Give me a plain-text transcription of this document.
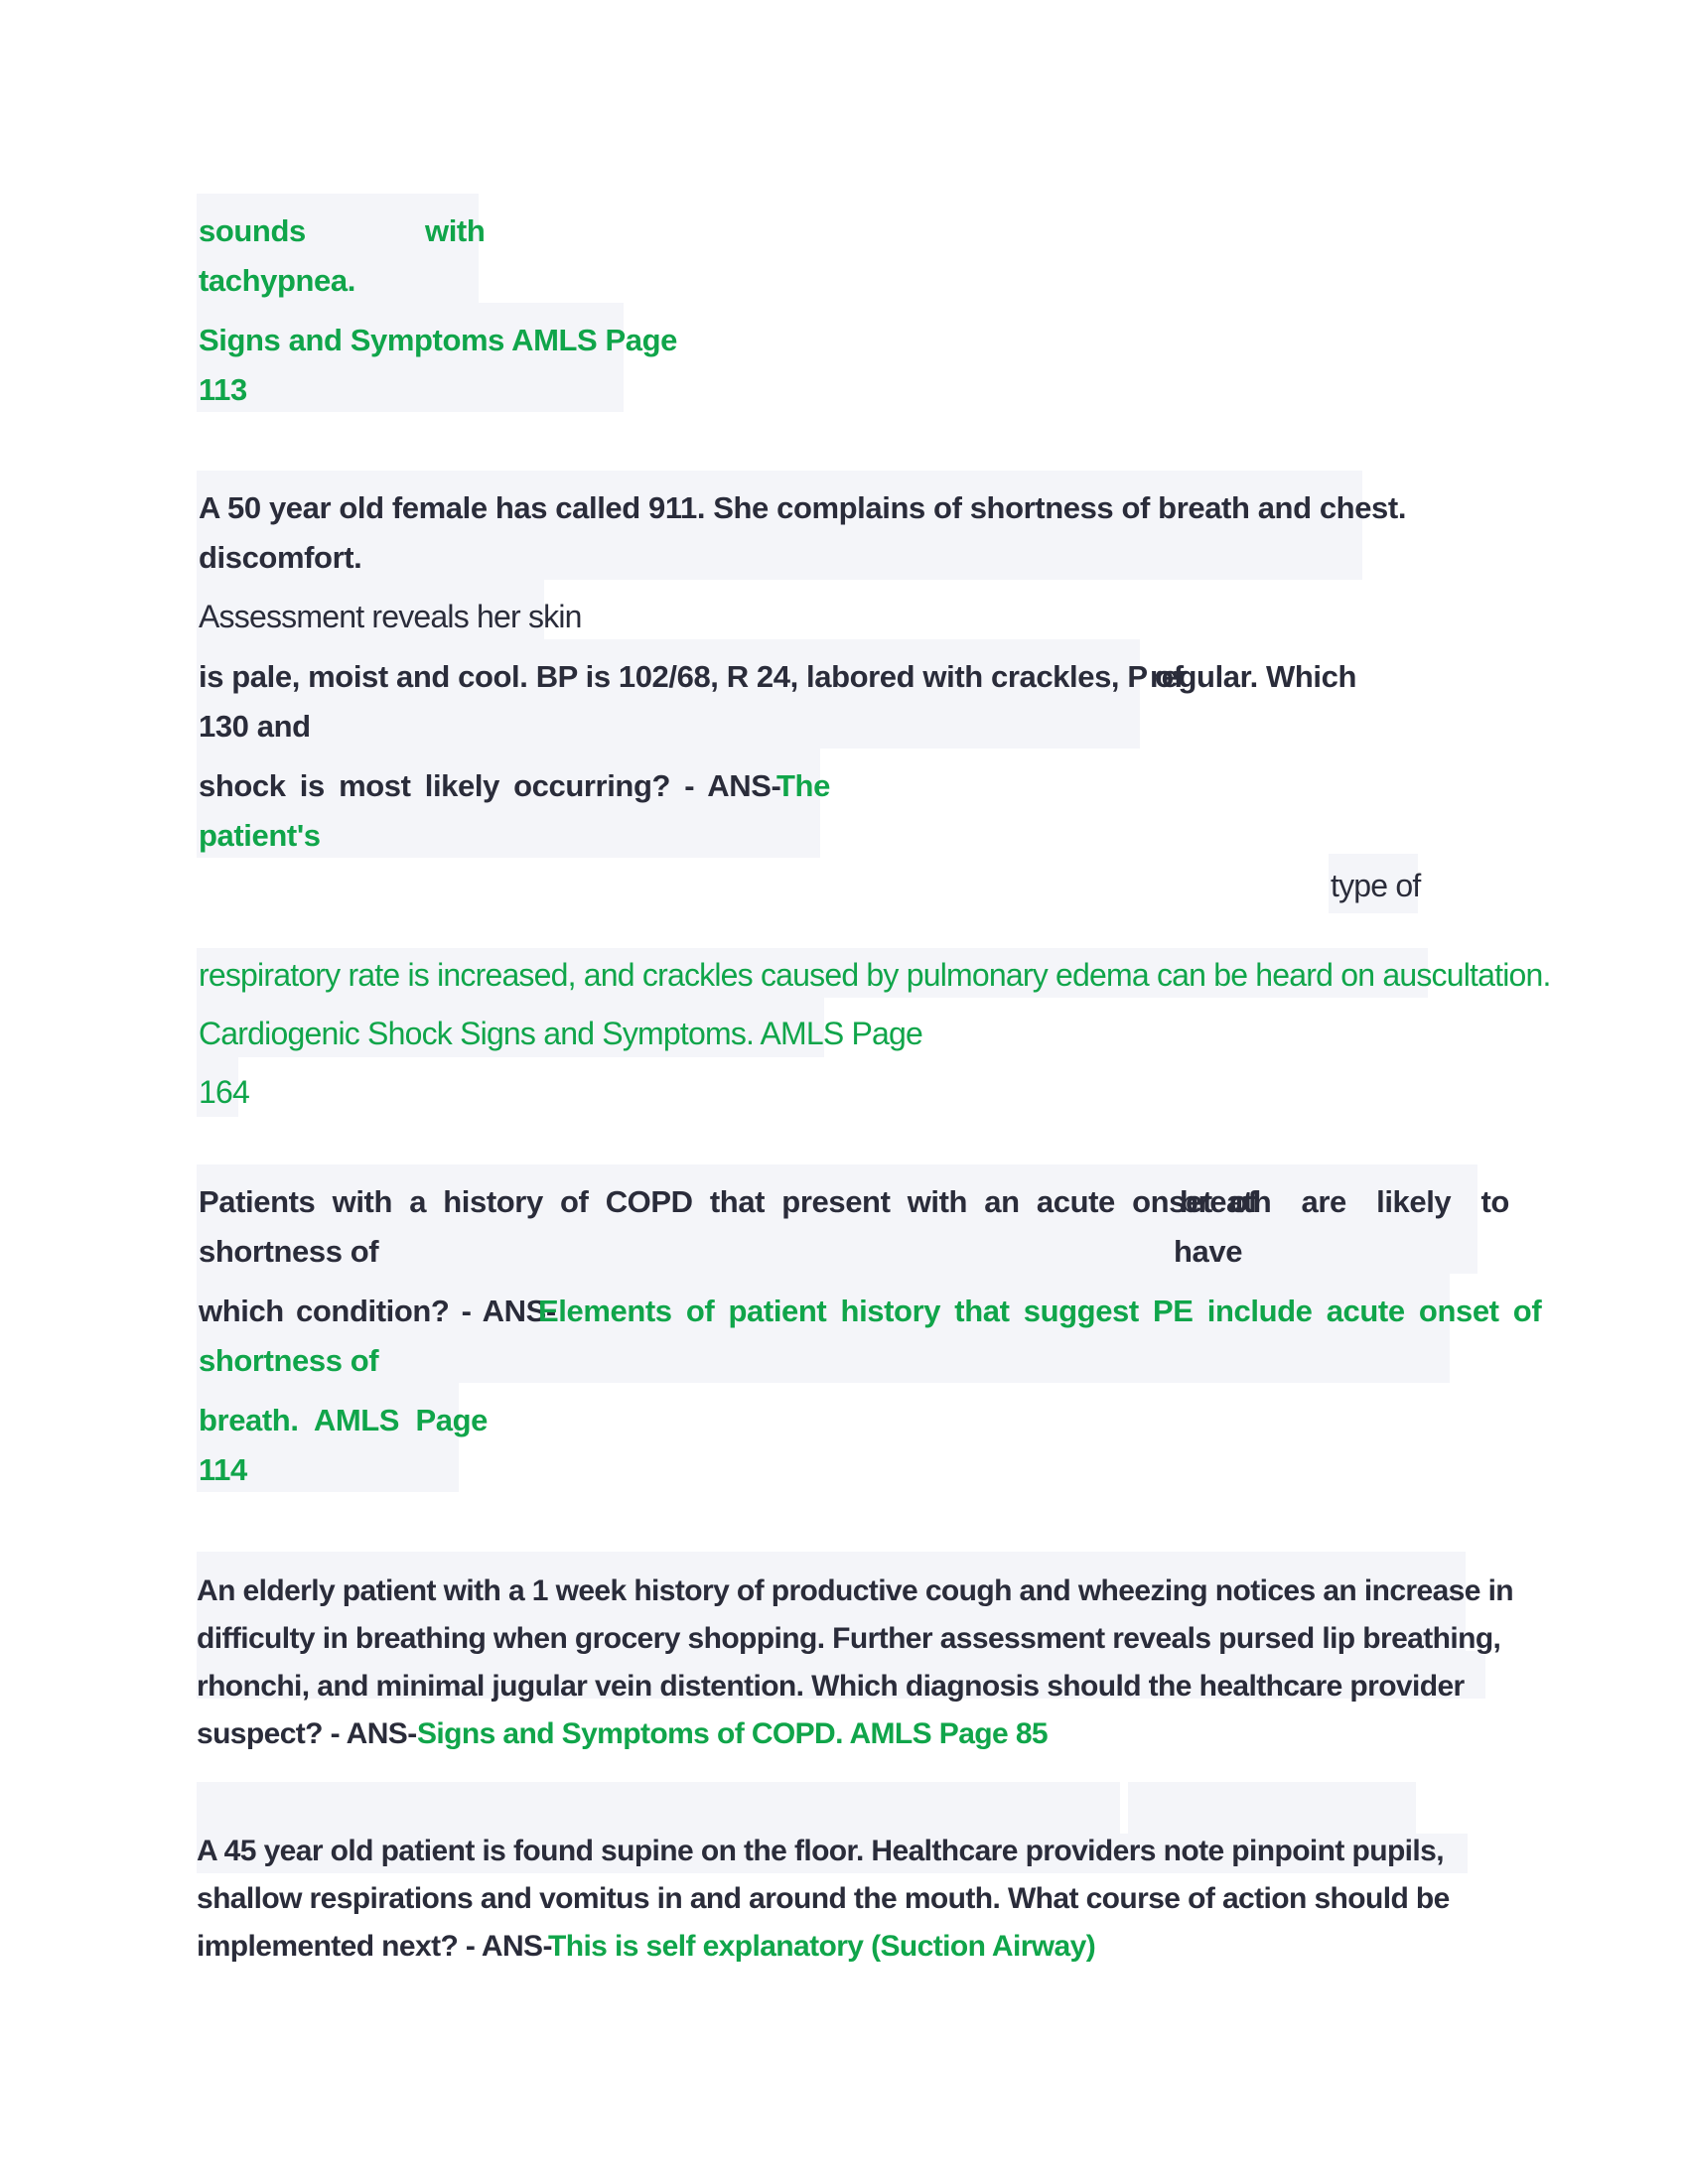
sounds	with
tachypnea.
Signs and Symptoms AMLS Page
113
A 50 year old female has called 911. She complains of shortness of breath and chest.
discomfort.
Assessment reveals her skin
is pale, moist and cool. BP is 102/68, R 24, labored with crackles, P of
regular. Which
130 and
shock is most likely occurring? - ANS-
The
patient's
type of
respiratory rate is increased, and crackles caused by pulmonary edema can be heard on auscultation.
Cardiogenic Shock Signs and Symptoms. AMLS Page
164
Patients with a history of COPD that present with an acute onset of
breath are likely to
shortness of	have
which condition? - ANS-
Elements of patient history that suggest PE include acute onset of
shortness of
breath.  AMLS  Page
114
An elderly patient with a 1 week history of productive cough and wheezing notices an increase in
difficulty in breathing when grocery shopping. Further assessment reveals pursed lip breathing,
rhonchi, and minimal jugular vein distention. Which diagnosis should the healthcare provider
suspect? - ANS- Signs and Symptoms of COPD. AMLS Page 85
A 45 year old patient is found supine on the floor. Healthcare providers note pinpoint pupils,
shallow respirations and vomitus in and around the mouth. What course of action should be
implemented next? - ANS-
This is self explanatory (Suction Airway)
